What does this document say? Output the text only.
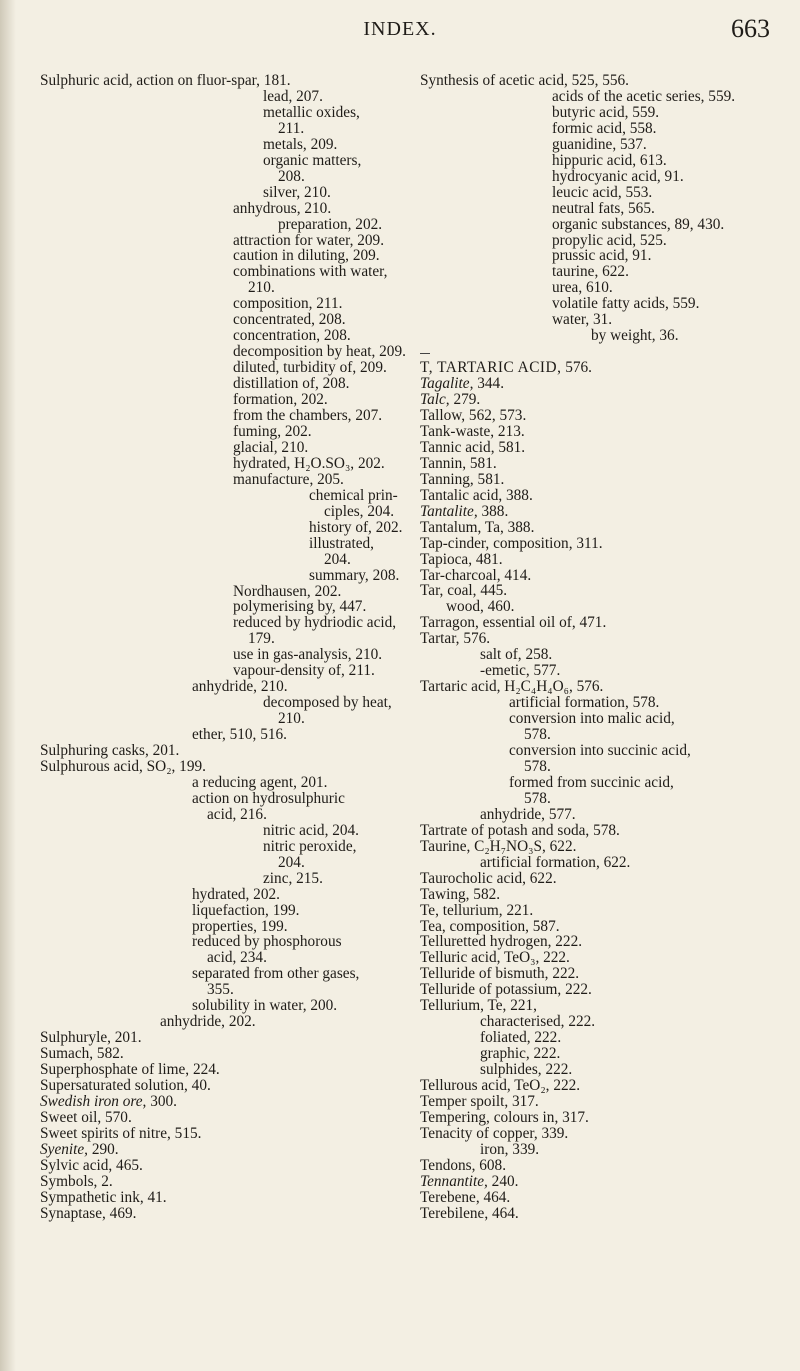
INDEX.	663
Sulphuric acid, action on fluor-spar, 181.
lead, 207.
metallic oxides,
211.
metals, 209.
organic matters,
208.
silver, 210.
anhydrous, 210.
preparation, 202.
attraction for water, 209.
caution in diluting, 209.
combinations with water,
210.
composition, 211.
concentrated, 208.
concentration, 208.
decomposition by heat, 209.
diluted, turbidity of, 209.
distillation of, 208.
formation, 202.
from the chambers, 207.
fuming, 202.
glacial, 210.
hydrated, H₂O.SO₃, 202.
manufacture, 205.
chemical prin-
ciples, 204.
history of, 202.
illustrated,
204.
summary, 208.
Nordhausen, 202.
polymerising by, 447.
reduced by hydriodic acid,
179.
use in gas-analysis, 210.
vapour-density of, 211.
anhydride, 210.
decomposed by heat,
210.
ether, 510, 516.
Sulphuring casks, 201.
Sulphurous acid, SO₂, 199.
a reducing agent, 201.
action on hydrosulphuric
acid, 216.
nitric acid, 204.
nitric peroxide,
204.
zinc, 215.
hydrated, 202.
liquefaction, 199.
properties, 199.
reduced by phosphorous
acid, 234.
separated from other gases,
355.
solubility in water, 200.
anhydride, 202.
Sulphuryle, 201.
Sumach, 582.
Superphosphate of lime, 224.
Supersaturated solution, 40.
Swedish iron ore, 300.
Sweet oil, 570.
Sweet spirits of nitre, 515.
Syenite, 290.
Sylvic acid, 465.
Symbols, 2.
Sympathetic ink, 41.
Synaptase, 469.
Synthesis of acetic acid, 525, 556.
acids of the acetic series, 559.
butyric acid, 559.
formic acid, 558.
guanidine, 537.
hippuric acid, 613.
hydrocyanic acid, 91.
leucic acid, 553.
neutral fats, 565.
organic substances, 89, 430.
propylic acid, 525.
prussic acid, 91.
taurine, 622.
urea, 610.
volatile fatty acids, 559.
water, 31.
by weight, 36.
T, TARTARIC ACID, 576.
Tagalite, 344.
Talc, 279.
Tallow, 562, 573.
Tank-waste, 213.
Tannic acid, 581.
Tannin, 581.
Tanning, 581.
Tantalic acid, 388.
Tantalite, 388.
Tantalum, Ta, 388.
Tap-cinder, composition, 311.
Tapioca, 481.
Tar-charcoal, 414.
Tar, coal, 445.
wood, 460.
Tarragon, essential oil of, 471.
Tartar, 576.
salt of, 258.
-emetic, 577.
Tartaric acid, H₂C₄H₄O₆, 576.
artificial formation, 578.
conversion into malic acid,
578.
conversion into succinic acid,
578.
formed from succinic acid,
578.
anhydride, 577.
Tartrate of potash and soda, 578.
Taurine, C₂H₇NO₃S, 622.
artificial formation, 622.
Taurocholic acid, 622.
Tawing, 582.
Te, tellurium, 221.
Tea, composition, 587.
Telluretted hydrogen, 222.
Telluric acid, TeO₃, 222.
Telluride of bismuth, 222.
Telluride of potassium, 222.
Tellurium, Te, 221,
characterised, 222.
foliated, 222.
graphic, 222.
sulphides, 222.
Tellurous acid, TeO₂, 222.
Temper spoilt, 317.
Tempering, colours in, 317.
Tenacity of copper, 339.
iron, 339.
Tendons, 608.
Tennantite, 240.
Terebene, 464.
Terebilene, 464.
